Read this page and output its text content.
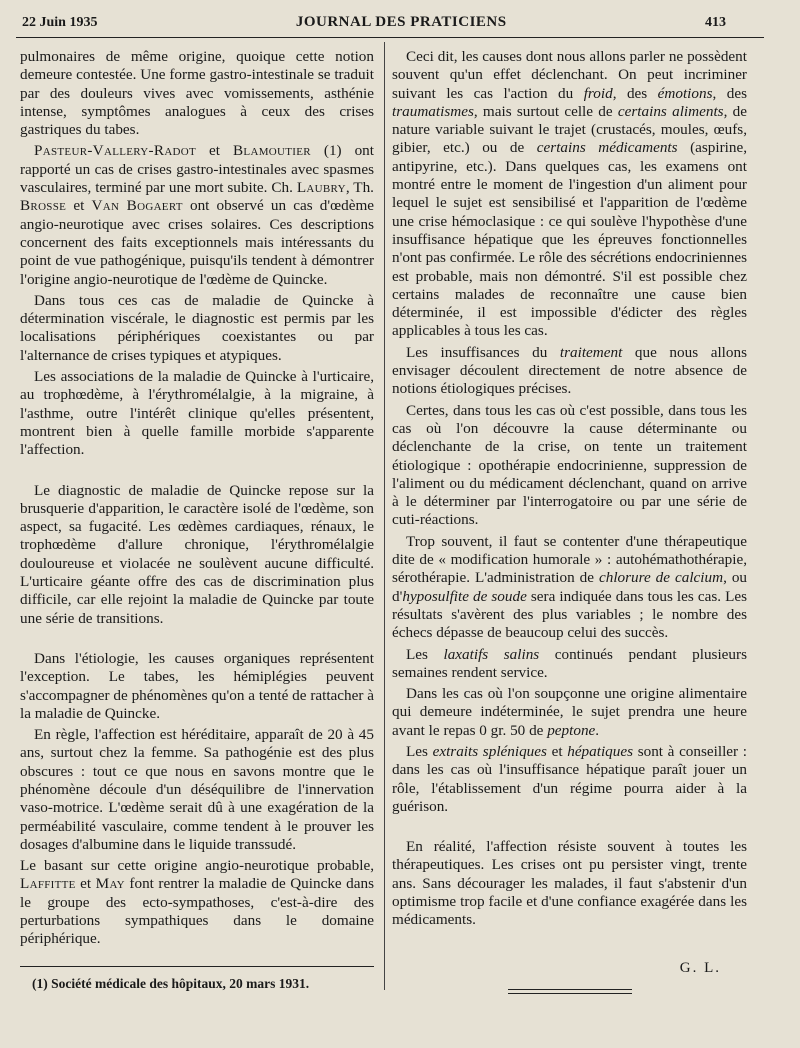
22 Juin 1935	JOURNAL DES PRATICIENS	413

pulmonaires de même origine, quoique cette notion demeure contestée. Une forme gastro-intestinale se traduit par des douleurs vives avec vomissements, asthénie intense, symptômes analogues à ceux des crises gastriques du tabes.

Pasteur-Vallery-Radot et Blamoutier (1) ont rapporté un cas de crises gastro-intestinales avec spasmes vasculaires, terminé par une mort subite. Ch. Laubry, Th. Brosse et Van Bogaert ont observé un cas d'œdème angio-neurotique avec crises solaires. Ces descriptions concernent des faits exceptionnels mais intéressants du point de vue pathogénique, puisqu'ils tendent à démontrer l'origine angio-neurotique de l'œdème de Quincke.

Dans tous ces cas de maladie de Quincke à détermination viscérale, le diagnostic est permis par les localisations périphériques coexistantes ou par l'alternance de crises typiques et atypiques.

Les associations de la maladie de Quincke à l'urticaire, au trophœdème, à l'érythromélalgie, à la migraine, à l'asthme, outre l'intérêt clinique qu'elles présentent, montrent bien à quelle famille morbide s'apparente l'affection.

Le diagnostic de maladie de Quincke repose sur la brusquerie d'apparition, le caractère isolé de l'œdème, son aspect, sa fugacité. Les œdèmes cardiaques, rénaux, le trophœdème d'allure chronique, l'érythromélalgie douloureuse et violacée ne soulèvent aucune difficulté. L'urticaire géante offre des cas de discrimination plus difficile, car elle rejoint la maladie de Quincke par toute une série de transitions.

Dans l'étiologie, les causes organiques représentent l'exception. Le tabes, les hémiplégies peuvent s'accompagner de phénomènes qu'on a tenté de rattacher à la maladie de Quincke.

En règle, l'affection est héréditaire, apparaît de 20 à 45 ans, surtout chez la femme. Sa pathogénie est des plus obscures : tout ce que nous en savons montre que le phénomène découle d'un déséquilibre de l'innervation vaso-motrice. L'œdème serait dû à une exagération de la perméabilité vasculaire, comme tendent à le prouver les dosages d'albumine dans le liquide transsudé.

Le basant sur cette origine angio-neurotique probable, Laffitte et May font rentrer la maladie de Quincke dans le groupe des ecto-sympathoses, c'est-à-dire des perturbations sympathiques dans le domaine périphérique.

(1) Société médicale des hôpitaux, 20 mars 1931.

Ceci dit, les causes dont nous allons parler ne possèdent souvent qu'un effet déclenchant. On peut incriminer suivant les cas l'action du froid, des émotions, des traumatismes, mais surtout celle de certains aliments, de nature variable suivant le trajet (crustacés, moules, œufs, gibier, etc.) ou de certains médicaments (aspirine, antipyrine, etc.). Dans quelques cas, les examens ont montré entre le moment de l'ingestion d'un aliment pour lequel le sujet est sensibilisé et l'apparition de l'œdème une crise hémoclasique : ce qui soulève l'hypothèse d'une insuffisance hépatique que les épreuves fonctionnelles n'ont pas confirmée. Le rôle des sécrétions endocriniennes est probable, mais non démontré. S'il est possible chez certains malades de reconnaître une cause bien déterminée, il est impossible d'édicter des règles applicables à tous les cas.

Les insuffisances du traitement que nous allons envisager découlent directement de notre absence de notions étiologiques précises.

Certes, dans tous les cas où c'est possible, dans tous les cas où l'on découvre la cause déterminante ou déclenchante de la crise, on tente un traitement étiologique : opothérapie endocrinienne, suppression de l'aliment ou du médicament déclenchant, quand on arrive à le déterminer par l'interrogatoire ou par une série de cuti-réactions.

Trop souvent, il faut se contenter d'une thérapeutique dite de « modification humorale » : autohémathothérapie, sérothérapie. L'administration de chlorure de calcium, ou d'hyposulfite de soude sera indiquée dans tous les cas. Les résultats s'avèrent des plus variables ; le nombre des échecs dépasse de beaucoup celui des succès.

Les laxatifs salins continués pendant plusieurs semaines rendent service.

Dans les cas où l'on soupçonne une origine alimentaire qui demeure indéterminée, le sujet prendra une heure avant le repas 0 gr. 50 de peptone.

Les extraits spléniques et hépatiques sont à conseiller : dans les cas où l'insuffisance hépatique paraît jouer un rôle, l'établissement d'un régime pourra aider à la guérison.

En réalité, l'affection résiste souvent à toutes les thérapeutiques. Les crises ont pu persister vingt, trente ans. Sans décourager les malades, il faut s'abstenir d'un optimisme trop facile et d'une confiance exagérée dans les médicaments.

G. L.
